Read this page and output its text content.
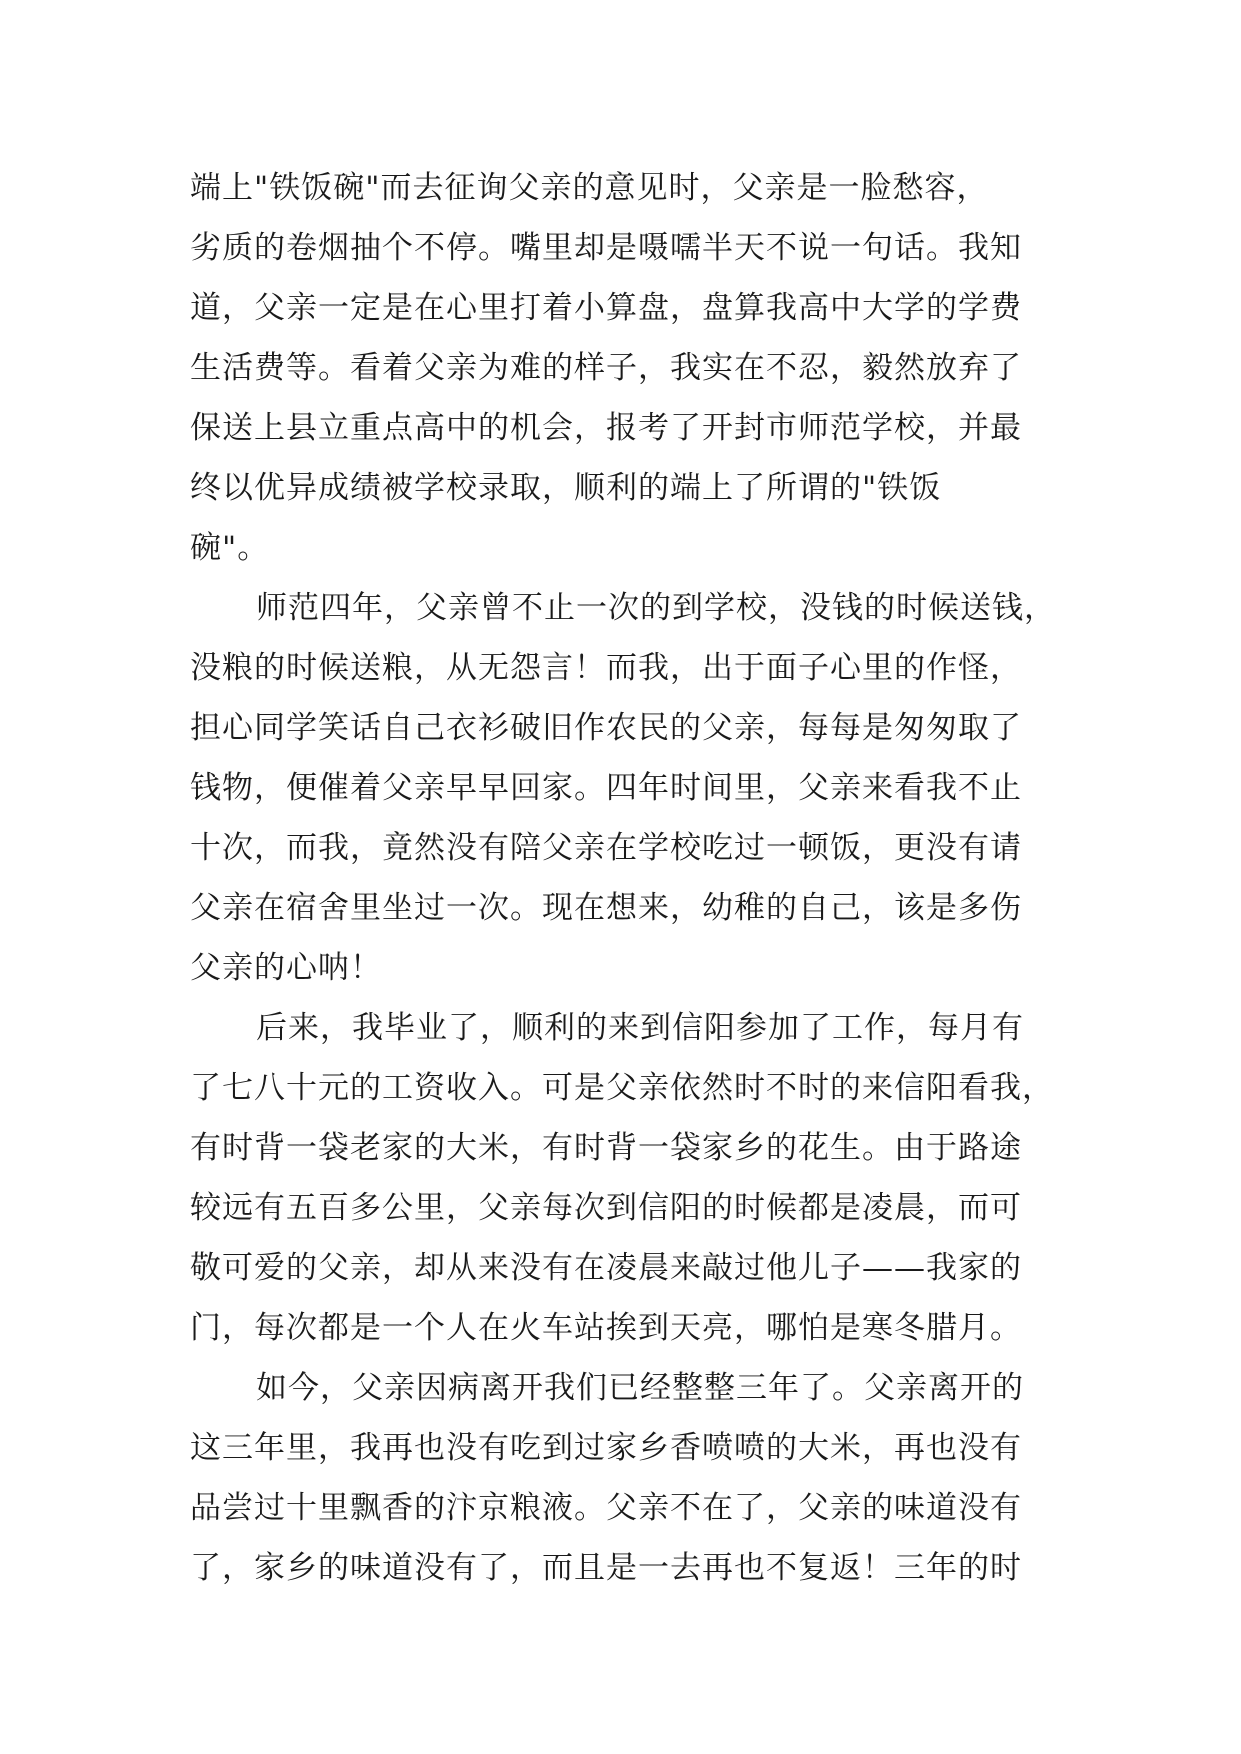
端上"铁饭碗"而去征询父亲的意见时，父亲是一脸愁容，
劣质的卷烟抽个不停。嘴里却是嗫嚅半天不说一句话。我知
道，父亲一定是在心里打着小算盘，盘算我高中大学的学费
生活费等。看着父亲为难的样子，我实在不忍，毅然放弃了
保送上县立重点高中的机会，报考了开封市师范学校，并最
终以优异成绩被学校录取，顺利的端上了所谓的"铁饭
碗"。
师范四年，父亲曾不止一次的到学校，没钱的时候送钱，
没粮的时候送粮，从无怨言！而我，出于面子心里的作怪，
担心同学笑话自己衣衫破旧作农民的父亲，每每是匆匆取了
钱物，便催着父亲早早回家。四年时间里，父亲来看我不止
十次，而我，竟然没有陪父亲在学校吃过一顿饭，更没有请
父亲在宿舍里坐过一次。现在想来，幼稚的自己，该是多伤
父亲的心呐！
后来，我毕业了，顺利的来到信阳参加了工作，每月有
了七八十元的工资收入。可是父亲依然时不时的来信阳看我，
有时背一袋老家的大米，有时背一袋家乡的花生。由于路途
较远有五百多公里，父亲每次到信阳的时候都是凌晨，而可
敬可爱的父亲，却从来没有在凌晨来敲过他儿子——我家的
门，每次都是一个人在火车站挨到天亮，哪怕是寒冬腊月。
如今，父亲因病离开我们已经整整三年了。父亲离开的
这三年里，我再也没有吃到过家乡香喷喷的大米，再也没有
品尝过十里飘香的汴京粮液。父亲不在了，父亲的味道没有
了，家乡的味道没有了，而且是一去再也不复返！三年的时
